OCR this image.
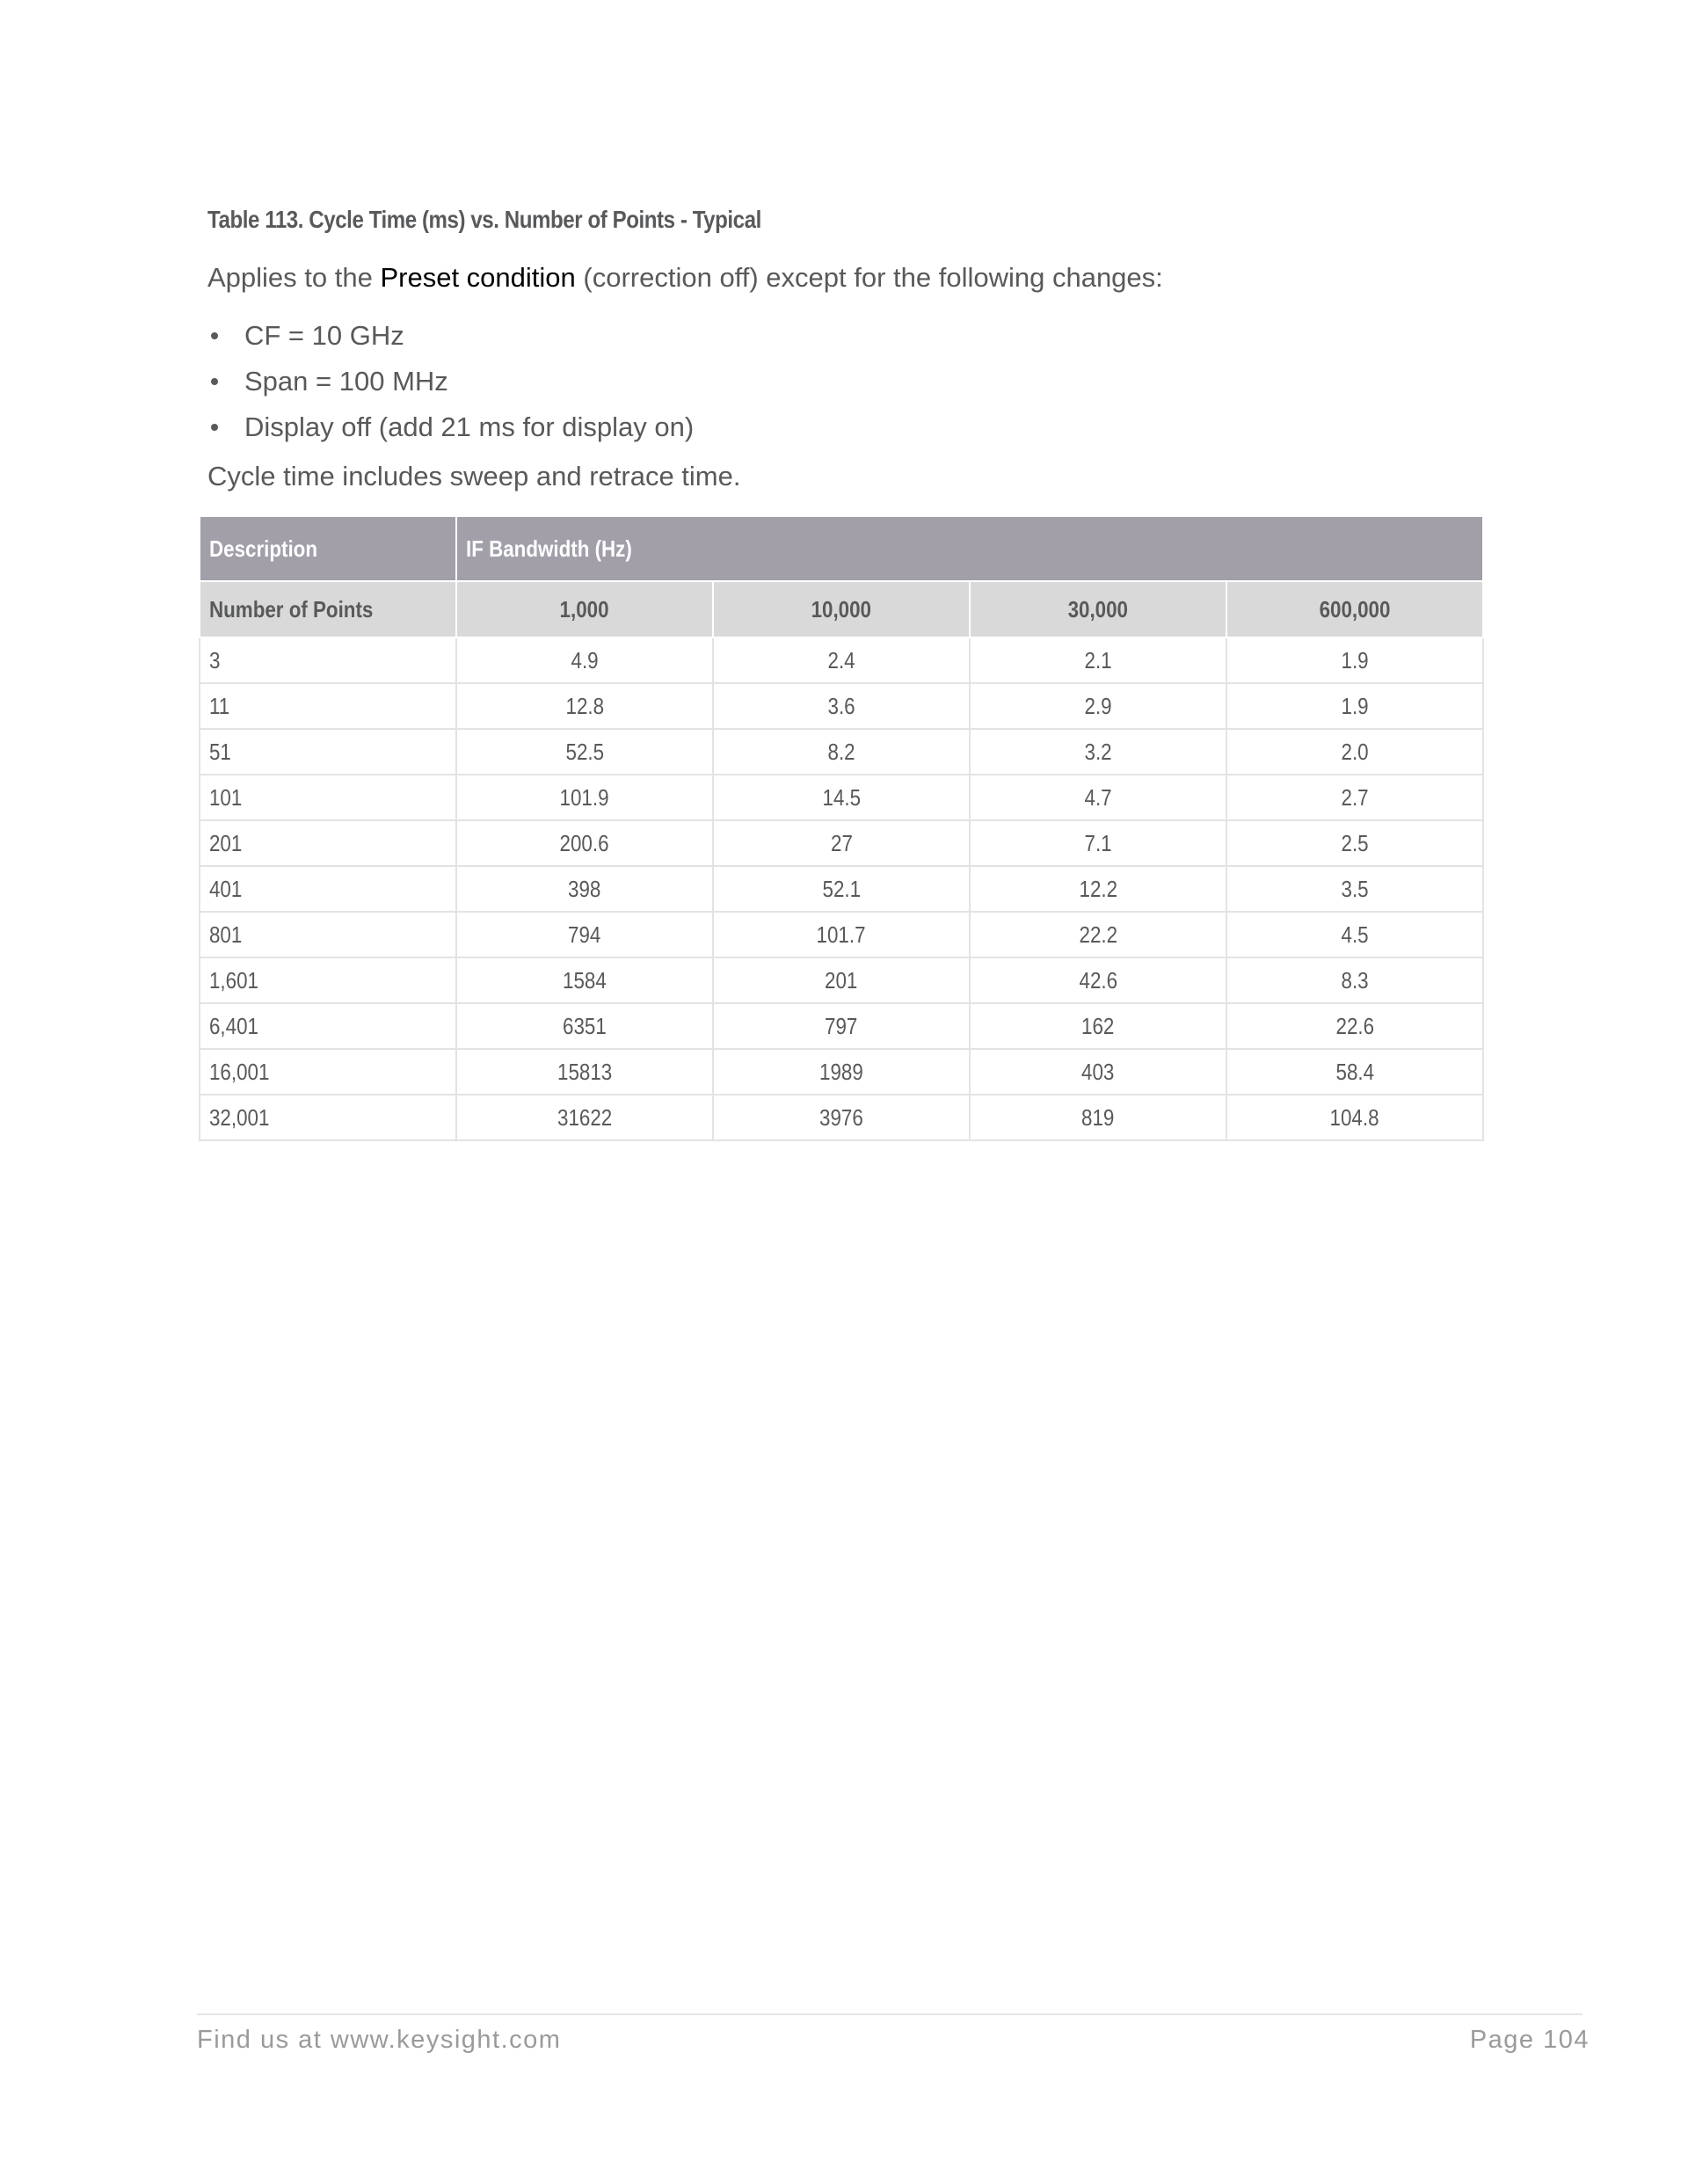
Table 113. Cycle Time (ms) vs. Number of Points - Typical
Applies to the Preset condition (correction off) except for the following changes:
CF = 10 GHz
Span = 100 MHz
Display off (add 21 ms for display on)
Cycle time includes sweep and retrace time.
Description	IF Bandwidth (Hz)			
Number of Points	1,000	10,000	30,000	600,000
3	4.9	2.4	2.1	1.9
11	12.8	3.6	2.9	1.9
51	52.5	8.2	3.2	2.0
101	101.9	14.5	4.7	2.7
201	200.6	27	7.1	2.5
401	398	52.1	12.2	3.5
801	794	101.7	22.2	4.5
1,601	1584	201	42.6	8.3
6,401	6351	797	162	22.6
16,001	15813	1989	403	58.4
32,001	31622	3976	819	104.8
Find us at www.keysight.com	Page 104
